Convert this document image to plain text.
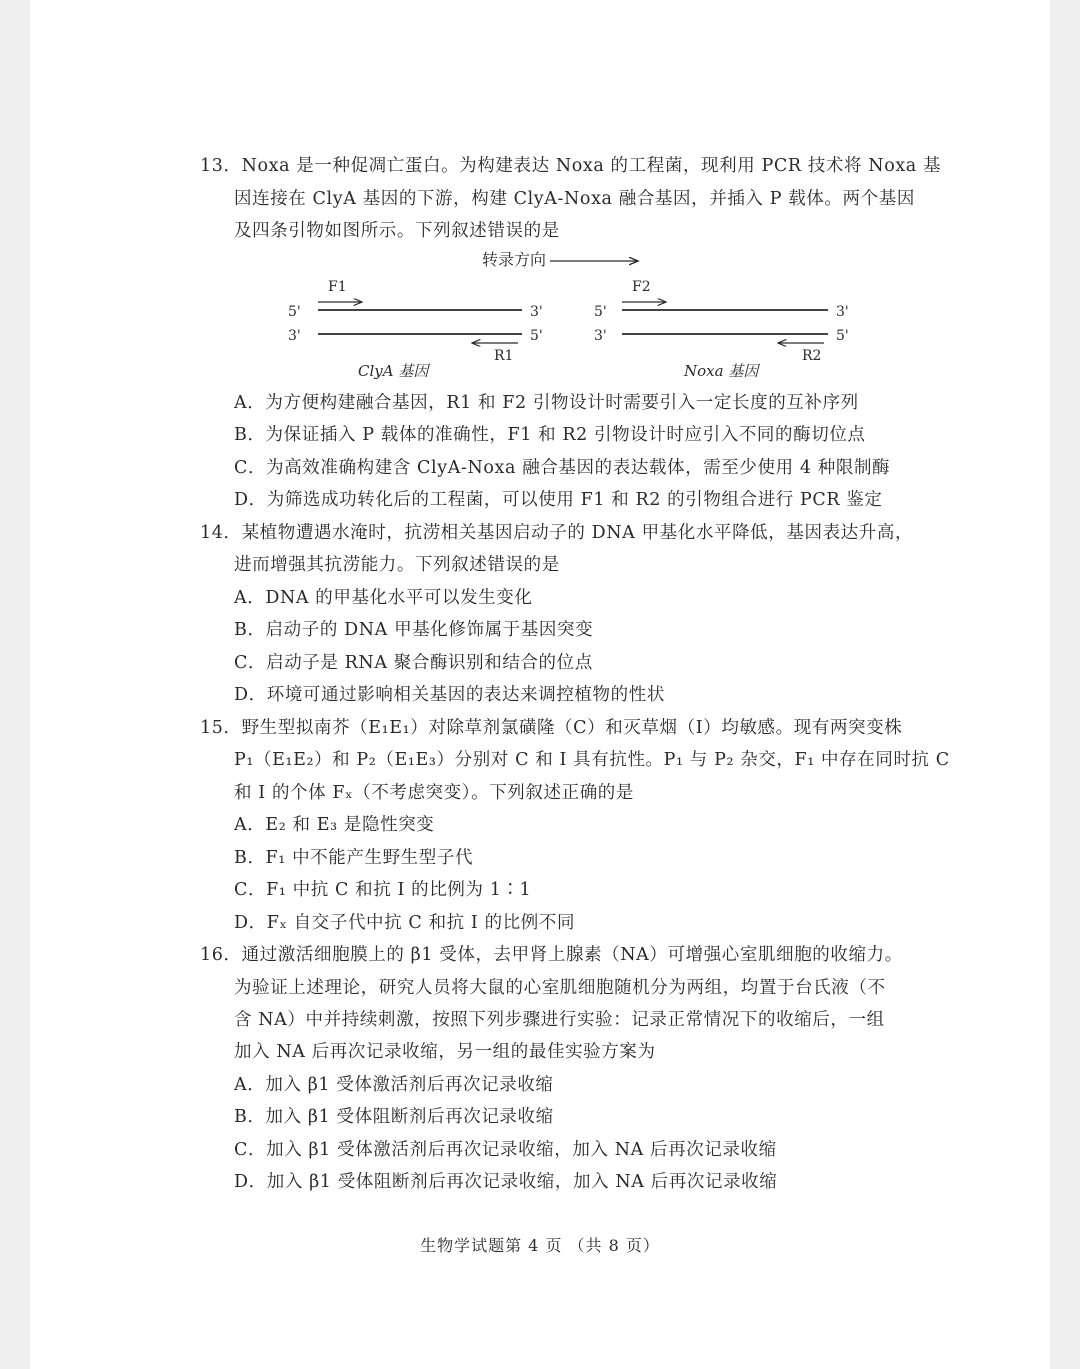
13．Noxa 是一种促凋亡蛋白。为构建表达 Noxa 的工程菌，现利用 PCR 技术将 Noxa 基
因连接在 ClyA 基因的下游，构建 ClyA-Noxa 融合基因，并插入 P 载体。两个基因
及四条引物如图所示。下列叙述错误的是
转录方向
F1
5'	3'
3'	5'
R1
ClyA 基因
F2
5'	3'
3'	5'
R2
Noxa 基因
A．为方便构建融合基因，R1 和 F2 引物设计时需要引入一定长度的互补序列
B．为保证插入 P 载体的准确性，F1 和 R2 引物设计时应引入不同的酶切位点
C．为高效准确构建含 ClyA-Noxa 融合基因的表达载体，需至少使用 4 种限制酶
D．为筛选成功转化后的工程菌，可以使用 F1 和 R2 的引物组合进行 PCR 鉴定
14．某植物遭遇水淹时，抗涝相关基因启动子的 DNA 甲基化水平降低，基因表达升高，
进而增强其抗涝能力。下列叙述错误的是
A．DNA 的甲基化水平可以发生变化
B．启动子的 DNA 甲基化修饰属于基因突变
C．启动子是 RNA 聚合酶识别和结合的位点
D．环境可通过影响相关基因的表达来调控植物的性状
15．野生型拟南芥（E₁E₁）对除草剂氯磺隆（C）和灭草烟（I）均敏感。现有两突变株
P₁（E₁E₂）和 P₂（E₁E₃）分别对 C 和 I 具有抗性。P₁ 与 P₂ 杂交，F₁ 中存在同时抗 C
和 I 的个体 Fₓ（不考虑突变）。下列叙述正确的是
A．E₂ 和 E₃ 是隐性突变
B．F₁ 中不能产生野生型子代
C．F₁ 中抗 C 和抗 I 的比例为 1∶1
D．Fₓ 自交子代中抗 C 和抗 I 的比例不同
16．通过激活细胞膜上的 β1 受体，去甲肾上腺素（NA）可增强心室肌细胞的收缩力。
为验证上述理论，研究人员将大鼠的心室肌细胞随机分为两组，均置于台氏液（不
含 NA）中并持续刺激，按照下列步骤进行实验：记录正常情况下的收缩后，一组
加入 NA 后再次记录收缩，另一组的最佳实验方案为
A．加入 β1 受体激活剂后再次记录收缩
B．加入 β1 受体阻断剂后再次记录收缩
C．加入 β1 受体激活剂后再次记录收缩，加入 NA 后再次记录收缩
D．加入 β1 受体阻断剂后再次记录收缩，加入 NA 后再次记录收缩
生物学试题第 4 页 （共 8 页）
